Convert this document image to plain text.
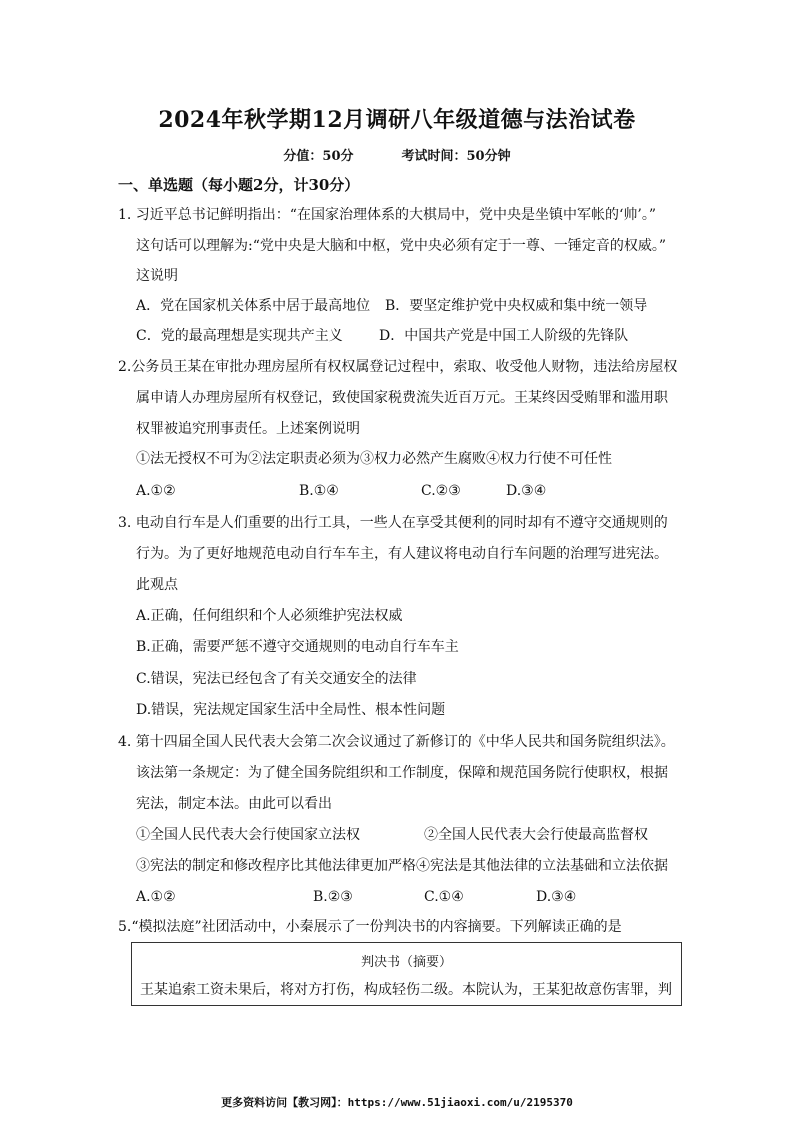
2024年秋学期12月调研八年级道德与法治试卷
分值：50分	考试时间：50分钟
一、单选题（每小题2分，计30分）
1. 习近平总书记鲜明指出：“在国家治理体系的大棋局中，党中央是坐镇中军帐的‘帅’。”
这句话可以理解为:“党中央是大脑和中枢，党中央必须有定于一尊、一锤定音的权威。”
这说明
A．党在国家机关体系中居于最高地位 B．要坚定维护党中央权威和集中统一领导
C．党的最高理想是实现共产主义	D．中国共产党是中国工人阶级的先锋队
2.公务员王某在审批办理房屋所有权权属登记过程中，索取、收受他人财物，违法给房屋权
属申请人办理房屋所有权登记，致使国家税费流失近百万元。王某终因受贿罪和滥用职
权罪被追究刑事责任。上述案例说明
①法无授权不可为②法定职责必须为③权力必然产生腐败④权力行使不可任性
A.①②	B.①④	C.②③	D.③④
3. 电动自行车是人们重要的出行工具，一些人在享受其便利的同时却有不遵守交通规则的
行为。为了更好地规范电动自行车车主，有人建议将电动自行车问题的治理写进宪法。
此观点
A.正确，任何组织和个人必须维护宪法权威
B.正确，需要严惩不遵守交通规则的电动自行车车主
C.错误，宪法已经包含了有关交通安全的法律
D.错误，宪法规定国家生活中全局性、根本性问题
4. 第十四届全国人民代表大会第二次会议通过了新修订的《中华人民共和国务院组织法》。
该法第一条规定：为了健全国务院组织和工作制度，保障和规范国务院行使职权，根据
宪法，制定本法。由此可以看出
①全国人民代表大会行使国家立法权	②全国人民代表大会行使最高监督权
③宪法的制定和修改程序比其他法律更加严格④宪法是其他法律的立法基础和立法依据
A.①②	B.②③	C.①④	D.③④
5.“模拟法庭”社团活动中，小秦展示了一份判决书的内容摘要。下列解读正确的是
判决书（摘要）
王某追索工资未果后，将对方打伤，构成轻伤二级。本院认为，王某犯故意伤害罪，判
更多资料访问【教习网】：https://www.51jiaoxi.com/u/2195370
